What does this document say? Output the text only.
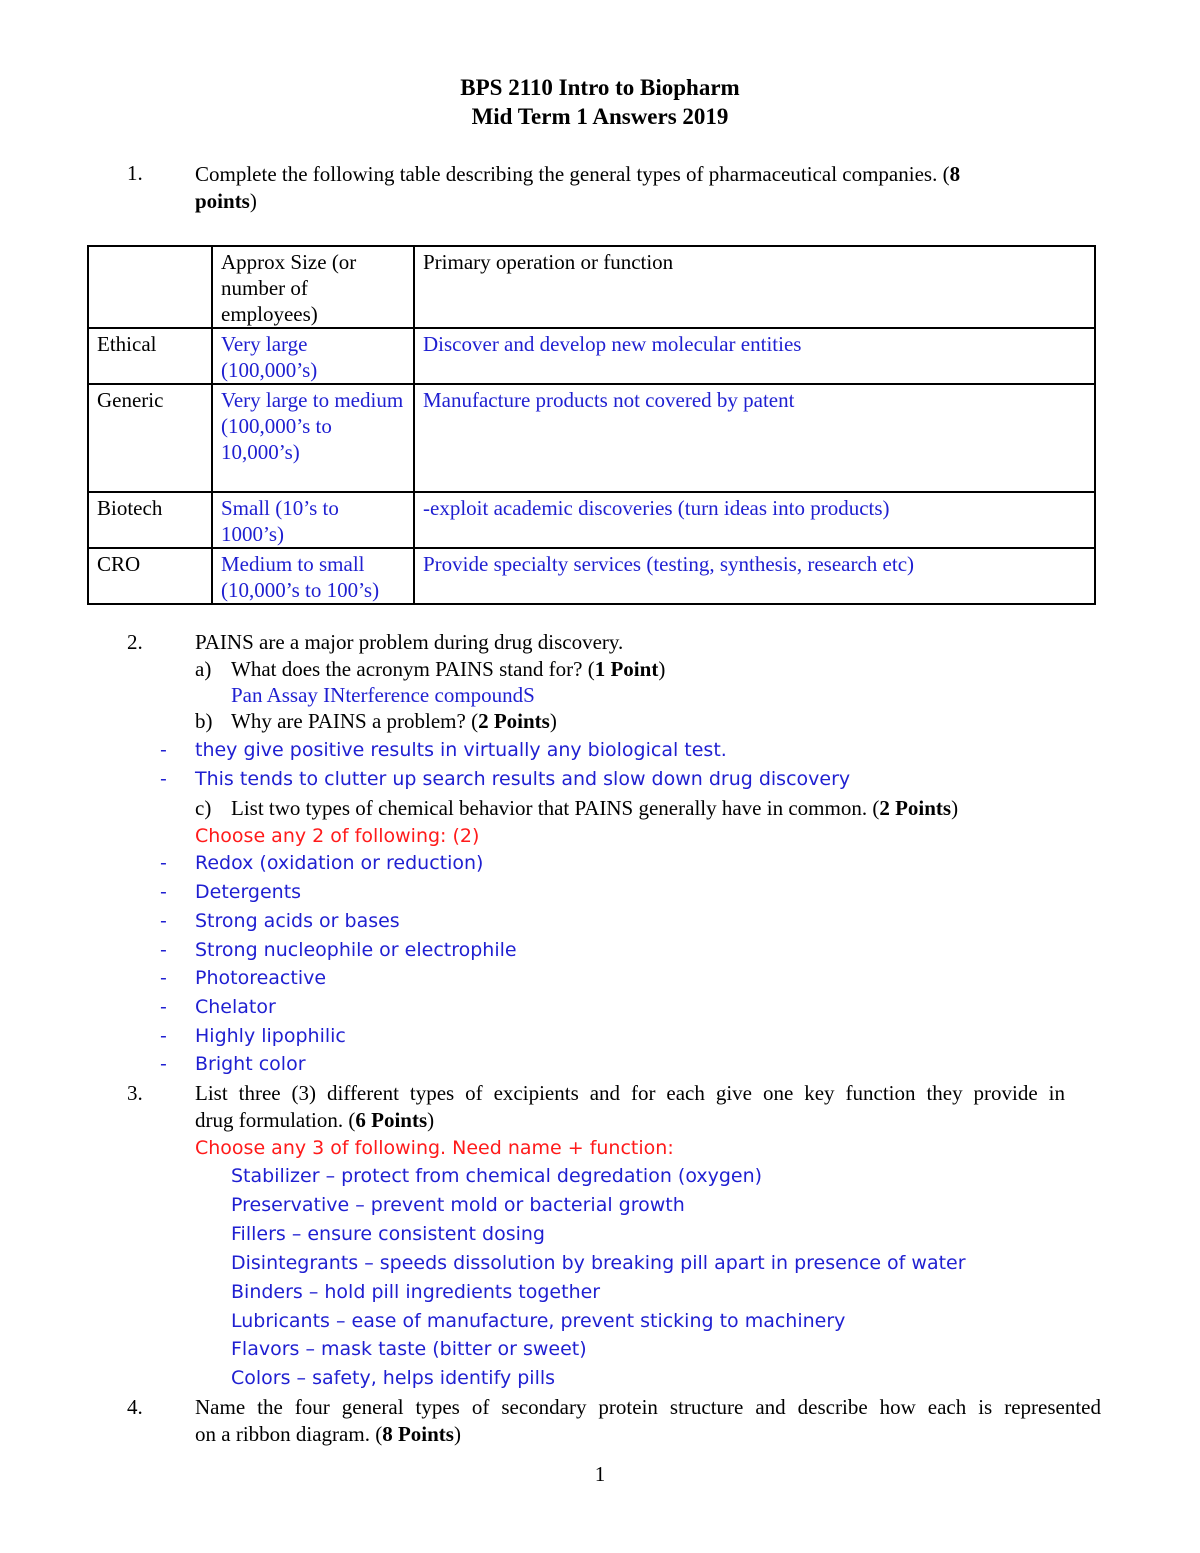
BPS 2110 Intro to Biopharm
Mid Term 1 Answers 2019
1. Complete the following table describing the general types of pharmaceutical companies. (8
points)
	Approx Size (or number of employees)	Primary operation or function
Ethical	Very large (100,000’s)	Discover and develop new molecular entities
Generic	Very large to medium (100,000’s to 10,000’s)	Manufacture products not covered by patent
Biotech	Small (10’s to 1000’s)	-exploit academic discoveries (turn ideas into products)
CRO	Medium to small (10,000’s to 100’s)	Provide specialty services (testing, synthesis, research etc)
2. PAINS are a major problem during drug discovery.
a) What does the acronym PAINS stand for? (1 Point)
Pan Assay INterference compoundS
b) Why are PAINS a problem? (2 Points)
- they give positive results in virtually any biological test.
- This tends to clutter up search results and slow down drug discovery
c) List two types of chemical behavior that PAINS generally have in common. (2 Points)
Choose any 2 of following: (2)
- Redox (oxidation or reduction)
- Detergents
- Strong acids or bases
- Strong nucleophile or electrophile
- Photoreactive
- Chelator
- Highly lipophilic
- Bright color
3. List three (3) different types of excipients and for each give one key function they provide in
drug formulation. (6 Points)
Choose any 3 of following. Need name + function:
Stabilizer – protect from chemical degredation (oxygen)
Preservative – prevent mold or bacterial growth
Fillers – ensure consistent dosing
Disintegrants – speeds dissolution by breaking pill apart in presence of water
Binders – hold pill ingredients together
Lubricants – ease of manufacture, prevent sticking to machinery
Flavors – mask taste (bitter or sweet)
Colors – safety, helps identify pills
4. Name the four general types of secondary protein structure and describe how each is represented
on a ribbon diagram. (8 Points)
1
